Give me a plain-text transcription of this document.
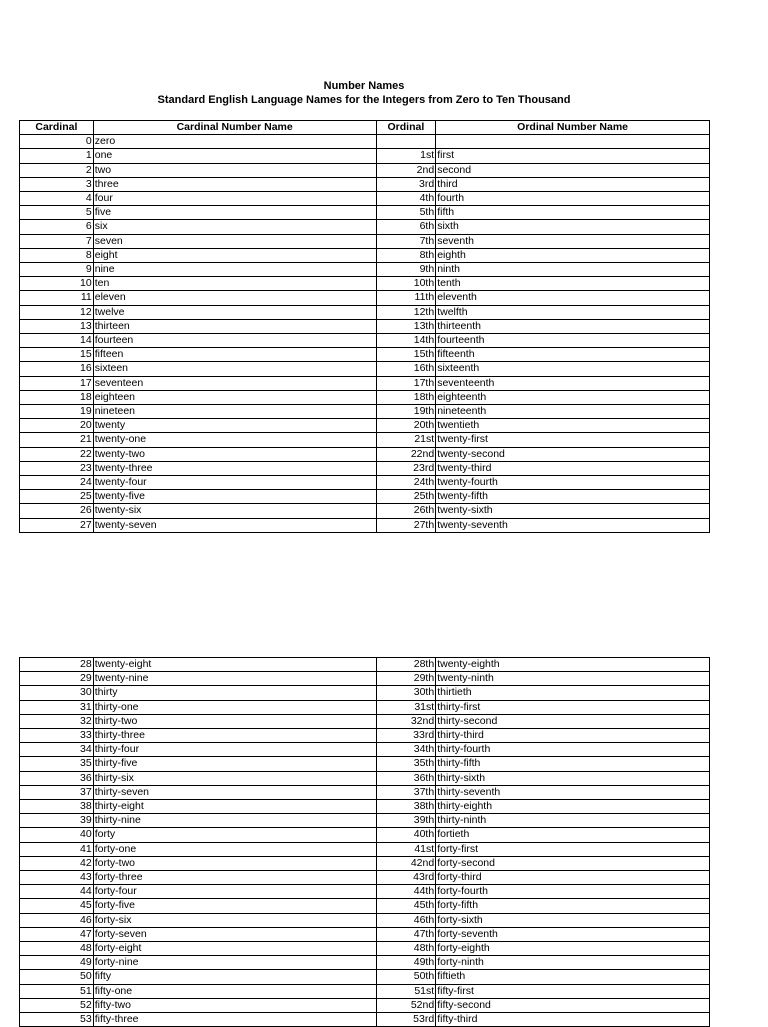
Number Names
Standard English Language Names for the Integers from Zero to Ten Thousand
Cardinal	Cardinal Number Name	Ordinal	Ordinal Number Name
0	zero		
1	one	1st	first
2	two	2nd	second
3	three	3rd	third
4	four	4th	fourth
5	five	5th	fifth
6	six	6th	sixth
7	seven	7th	seventh
8	eight	8th	eighth
9	nine	9th	ninth
10	ten	10th	tenth
11	eleven	11th	eleventh
12	twelve	12th	twelfth
13	thirteen	13th	thirteenth
14	fourteen	14th	fourteenth
15	fifteen	15th	fifteenth
16	sixteen	16th	sixteenth
17	seventeen	17th	seventeenth
18	eighteen	18th	eighteenth
19	nineteen	19th	nineteenth
20	twenty	20th	twentieth
21	twenty-one	21st	twenty-first
22	twenty-two	22nd	twenty-second
23	twenty-three	23rd	twenty-third
24	twenty-four	24th	twenty-fourth
25	twenty-five	25th	twenty-fifth
26	twenty-six	26th	twenty-sixth
27	twenty-seven	27th	twenty-seventh
28	twenty-eight	28th	twenty-eighth
29	twenty-nine	29th	twenty-ninth
30	thirty	30th	thirtieth
31	thirty-one	31st	thirty-first
32	thirty-two	32nd	thirty-second
33	thirty-three	33rd	thirty-third
34	thirty-four	34th	thirty-fourth
35	thirty-five	35th	thirty-fifth
36	thirty-six	36th	thirty-sixth
37	thirty-seven	37th	thirty-seventh
38	thirty-eight	38th	thirty-eighth
39	thirty-nine	39th	thirty-ninth
40	forty	40th	fortieth
41	forty-one	41st	forty-first
42	forty-two	42nd	forty-second
43	forty-three	43rd	forty-third
44	forty-four	44th	forty-fourth
45	forty-five	45th	forty-fifth
46	forty-six	46th	forty-sixth
47	forty-seven	47th	forty-seventh
48	forty-eight	48th	forty-eighth
49	forty-nine	49th	forty-ninth
50	fifty	50th	fiftieth
51	fifty-one	51st	fifty-first
52	fifty-two	52nd	fifty-second
53	fifty-three	53rd	fifty-third
